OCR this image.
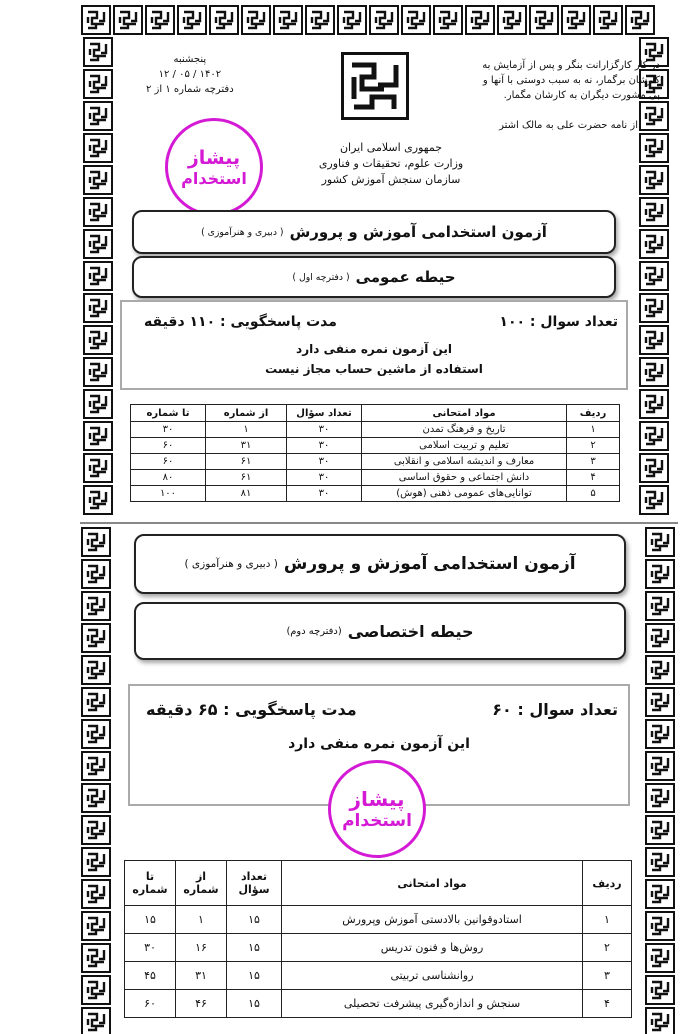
پنجشنبه
۱۴۰۲ / ۰۵ / ۱۲
دفترچه شماره ۱ از ۲
در کار کارگزارانت بنگر و پس از آزمایش به
کارشان برگمار، نه به سبب دوستی با آنها و
بی مشورت دیگران به کارشان مگمار.
از نامه حضرت علی به مالک اشتر
جمهوری اسلامی ایران
وزارت علوم، تحقیقات و فناوری
سازمان سنجش آموزش کشور
پیشاز
استخدام
آزمون استخدامی آموزش و پرورش
( دبیری و هنرآموزی )
حیطه عمومی
( دفترچه اول )
تعداد سوال : ۱۰۰
مدت پاسخگویی : ۱۱۰ دقیقه
این آزمون نمره منفی دارد
استفاده از ماشین حساب مجاز نیست
ردیف	مواد امتحانی	تعداد سؤال	از شماره	تا شماره
۱	تاریخ و فرهنگ تمدن	۳۰	۱	۳۰
۲	تعلیم و تربیت اسلامی	۳۰	۳۱	۶۰
۳	معارف و اندیشه اسلامی و انقلابی	۳۰	۶۱	۶۰
۴	دانش اجتماعی و حقوق اساسی	۳۰	۶۱	۸۰
۵	توانایی‌های عمومی ذهنی (هوش)	۳۰	۸۱	۱۰۰
آزمون استخدامی آموزش و پرورش
( دبیری و هنرآموزی )
حیطه اختصاصی
(دفترچه دوم)
تعداد سوال : ۶۰
مدت پاسخگویی : ۶۵ دقیقه
این آزمون نمره منفی دارد
پیشاز
استخدام
ردیف	مواد امتحانی	تعداد سؤال	از شماره	تا شماره
۱	استادوقوانین بالادستی آموزش وپرورش	۱۵	۱	۱۵
۲	روش‌ها و فنون تدریس	۱۵	۱۶	۳۰
۳	روانشناسی تربیتی	۱۵	۳۱	۴۵
۴	سنجش و اندازه‌گیری پیشرفت تحصیلی	۱۵	۴۶	۶۰
